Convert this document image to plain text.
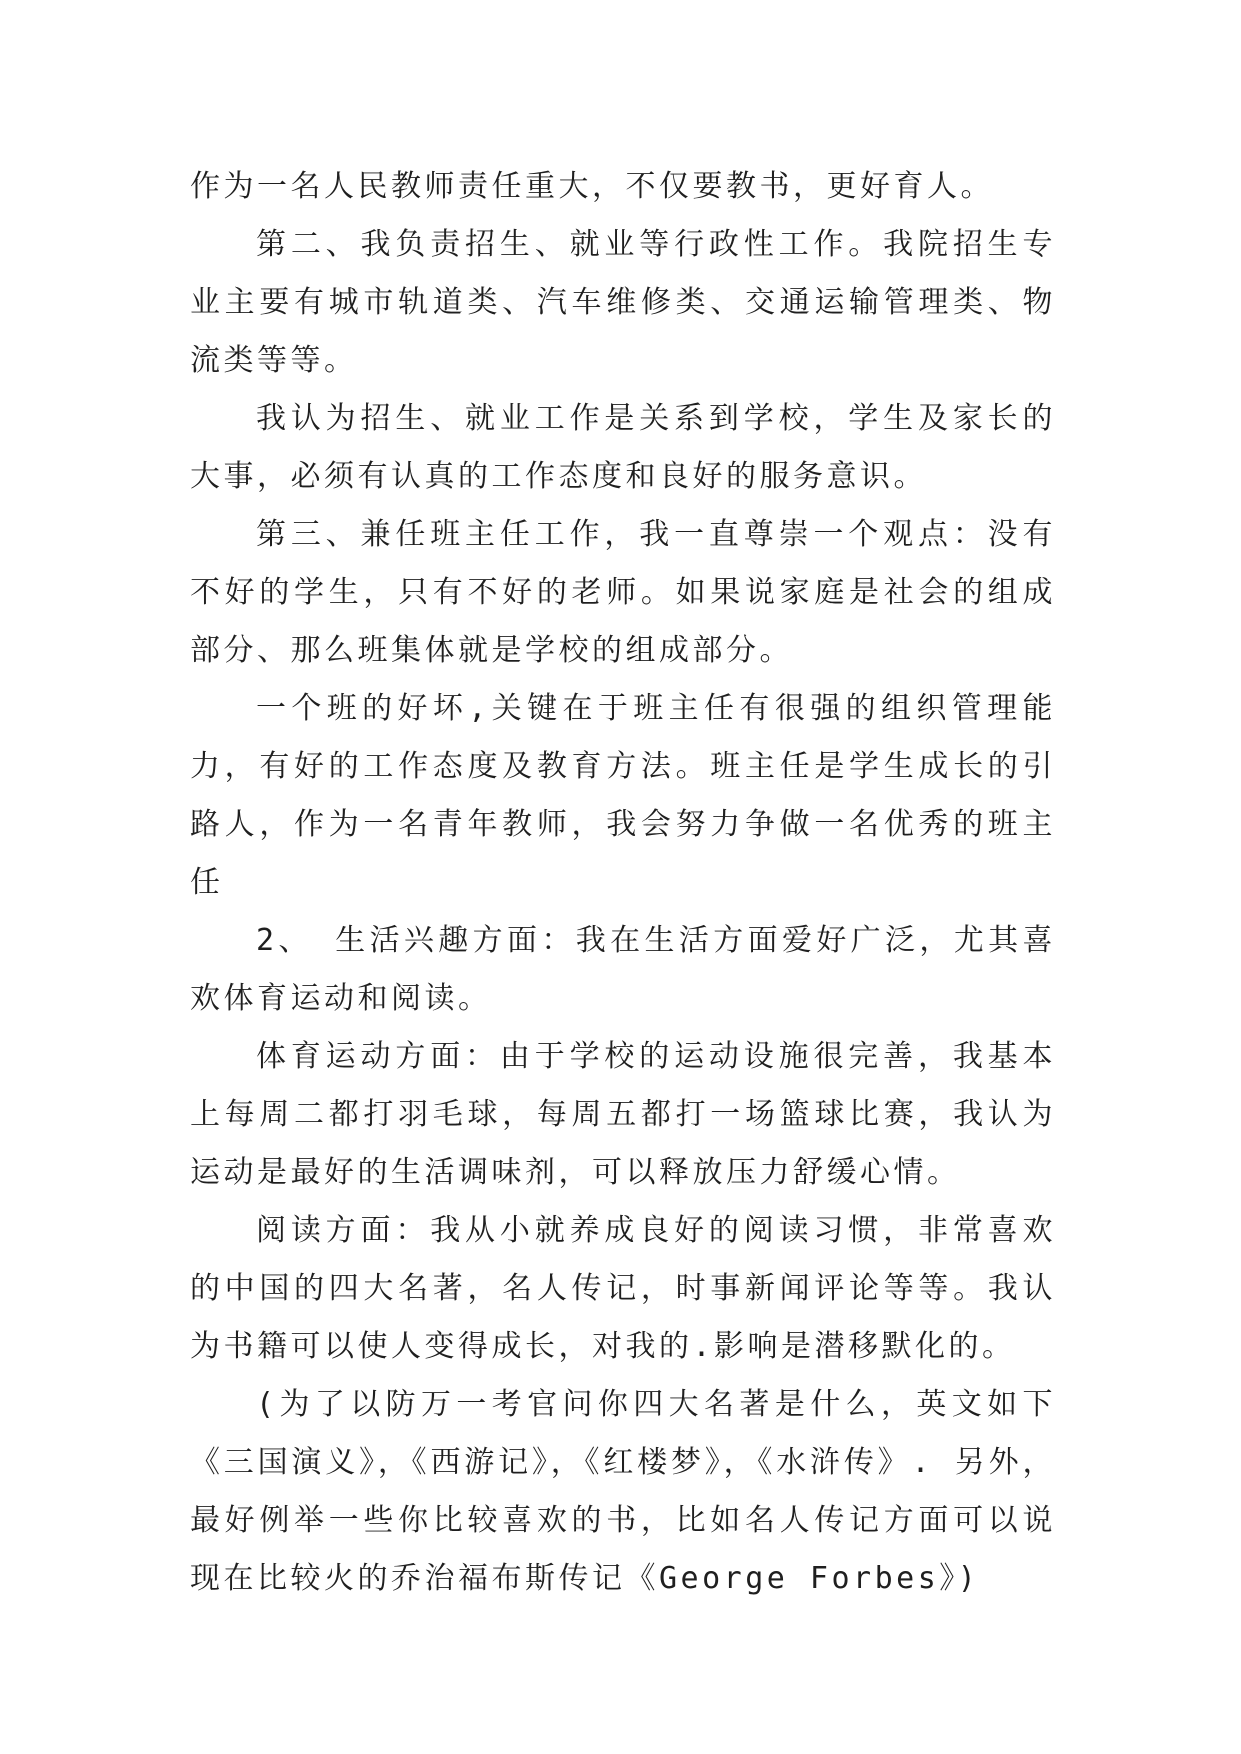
作为一名人民教师责任重大，不仅要教书，更好育人。

第二、我负责招生、就业等行政性工作。我院招生专业主要有城市轨道类、汽车维修类、交通运输管理类、物流类等等。

我认为招生、就业工作是关系到学校，学生及家长的大事，必须有认真的工作态度和良好的服务意识。

第三、兼任班主任工作，我一直尊崇一个观点：没有不好的学生，只有不好的老师。如果说家庭是社会的组成部分、那么班集体就是学校的组成部分。

一个班的好坏,关键在于班主任有很强的组织管理能力，有好的工作态度及教育方法。班主任是学生成长的引路人，作为一名青年教师，我会努力争做一名优秀的班主任

2、 生活兴趣方面：我在生活方面爱好广泛，尤其喜欢体育运动和阅读。

体育运动方面：由于学校的运动设施很完善，我基本上每周二都打羽毛球，每周五都打一场篮球比赛，我认为运动是最好的生活调味剂，可以释放压力舒缓心情。

阅读方面：我从小就养成良好的阅读习惯，非常喜欢的中国的四大名著，名人传记，时事新闻评论等等。我认为书籍可以使人变得成长，对我的.影响是潜移默化的。

(为了以防万一考官问你四大名著是什么，英文如下《三国演义》，《西游记》，《红楼梦》，《水浒传》. 另外，最好例举一些你比较喜欢的书，比如名人传记方面可以说现在比较火的乔治福布斯传记《George Forbes》)
